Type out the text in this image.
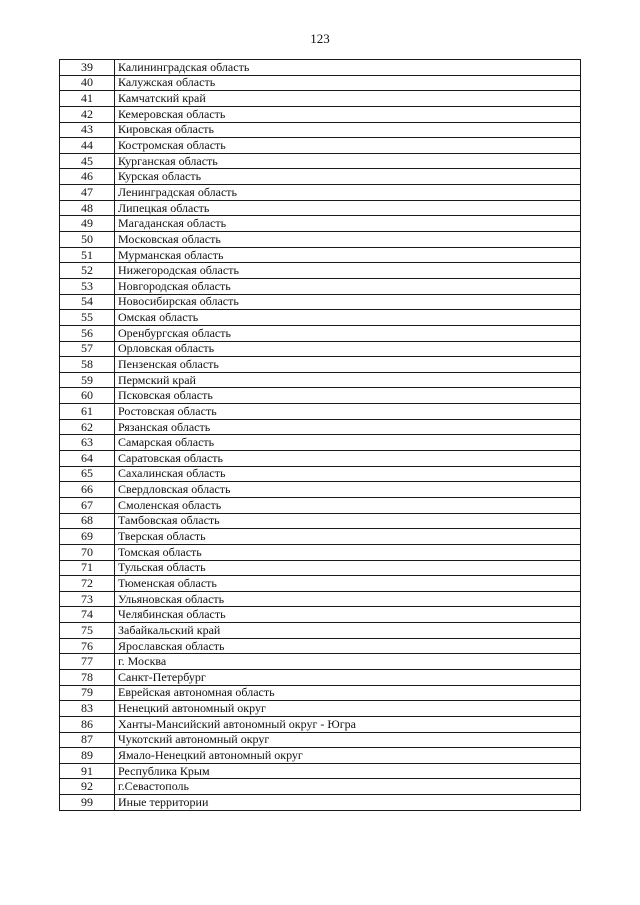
123
39	Калининградская область
40	Калужская область
41	Камчатский край
42	Кемеровская область
43	Кировская область
44	Костромская область
45	Курганская область
46	Курская область
47	Ленинградская область
48	Липецкая область
49	Магаданская область
50	Московская область
51	Мурманская область
52	Нижегородская область
53	Новгородская область
54	Новосибирская область
55	Омская область
56	Оренбургская область
57	Орловская область
58	Пензенская область
59	Пермский край
60	Псковская область
61	Ростовская область
62	Рязанская область
63	Самарская область
64	Саратовская область
65	Сахалинская область
66	Свердловская область
67	Смоленская область
68	Тамбовская область
69	Тверская область
70	Томская область
71	Тульская область
72	Тюменская область
73	Ульяновская область
74	Челябинская область
75	Забайкальский край
76	Ярославская область
77	г. Москва
78	Санкт-Петербург
79	Еврейская автономная область
83	Ненецкий автономный округ
86	Ханты-Мансийский автономный округ - Югра
87	Чукотский автономный округ
89	Ямало-Ненецкий автономный округ
91	Республика Крым
92	г.Севастополь
99	Иные территории
